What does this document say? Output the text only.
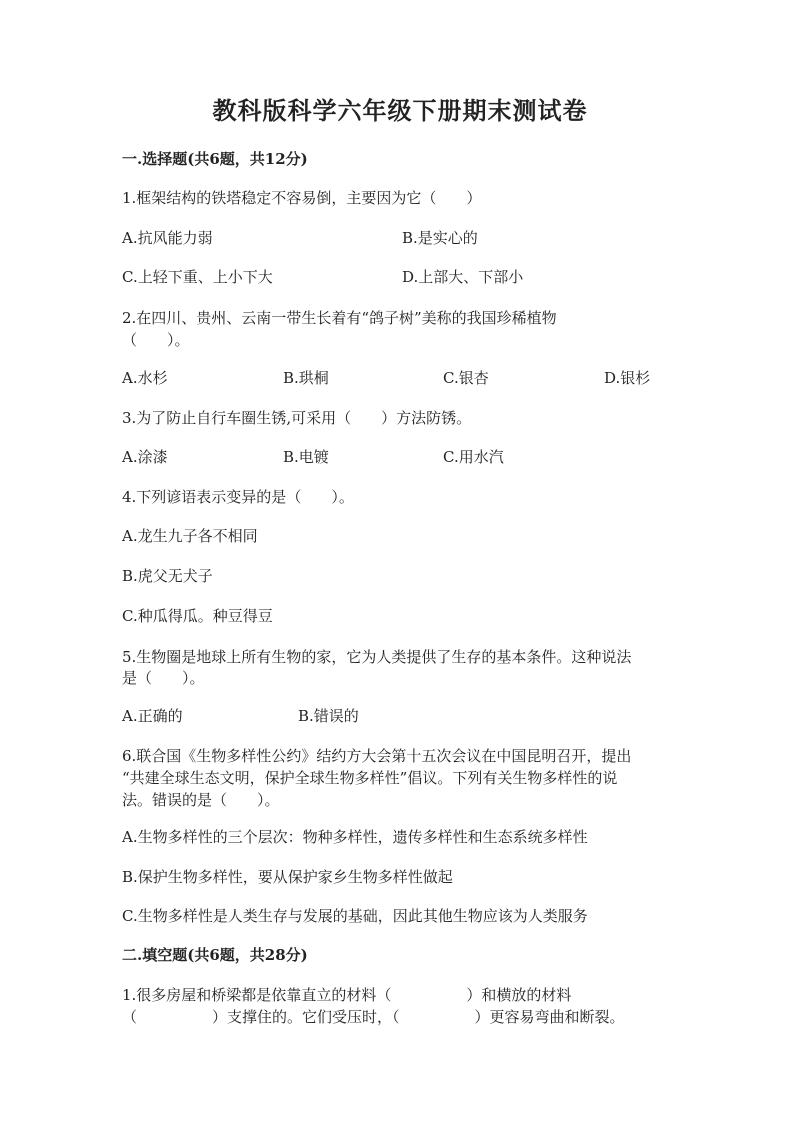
教科版科学六年级下册期末测试卷
一.选择题(共6题，共12分)
1.框架结构的铁塔稳定不容易倒，主要因为它（　　）
A.抗风能力弱	B.是实心的
C.上轻下重、上小下大	D.上部大、下部小
2.在四川、贵州、云南一带生长着有“鸽子树”美称的我国珍稀植物
（　　）。
A.水杉	B.珙桐	C.银杏	D.银杉
3.为了防止自行车圈生锈,可采用（　　）方法防锈。
A.涂漆	B.电镀	C.用水汽
4.下列谚语表示变异的是（　　）。
A.龙生九子各不相同
B.虎父无犬子
C.种瓜得瓜。种豆得豆
5.生物圈是地球上所有生物的家，它为人类提供了生存的基本条件。这种说法
是（　　）。
A.正确的	B.错误的
6.联合国《生物多样性公约》结约方大会第十五次会议在中国昆明召开，提出
“共建全球生态文明，保护全球生物多样性”倡议。下列有关生物多样性的说
法。错误的是（　　）。
A.生物多样性的三个层次：物种多样性，遗传多样性和生态系统多样性
B.保护生物多样性，要从保护家乡生物多样性做起
C.生物多样性是人类生存与发展的基础，因此其他生物应该为人类服务
二.填空题(共6题，共28分)
1.很多房屋和桥梁都是依靠直立的材料（　　　　　）和横放的材料
（　　　　　）支撑住的。它们受压时，（　　　　　）更容易弯曲和断裂。
